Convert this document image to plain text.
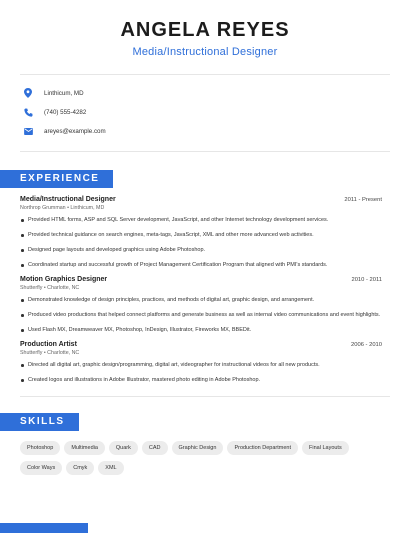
ANGELA REYES
Media/Instructional Designer
Linthicum, MD
(740) 555-4282
areyes@example.com
EXPERIENCE
Media/Instructional Designer	2011 - Present
Northrop Grumman • Linthicum, MD
Provided HTML forms, ASP and SQL Server development, JavaScript, and other Internet technology development services.
Provided technical guidance on search engines, meta-tags, JavaScript, XML and other more advanced web activities.
Designed page layouts and developed graphics using Adobe Photoshop.
Coordinated startup and successful growth of Project Management Certification Program that aligned with PMI's standards.
Motion Graphics Designer	2010 - 2011
Shutterfly • Charlotte, NC
Demonstrated knowledge of design principles, practices, and methods of digital art, graphic design, and arrangement.
Produced video productions that helped connect platforms and generate business as well as internal video communications and event highlights.
Used Flash MX, Dreamweaver MX, Photoshop, InDesign, Illustrator, Fireworks MX, BBEDit.
Production Artist	2006 - 2010
Shutterfly • Charlotte, NC
Directed all digital art, graphic design/programming, digital art, videographer for instructional videos for all new products.
Created logos and illustrations in Adobe Illustrator, mastered photo editing in Adobe Photoshop.
SKILLS
Photoshop	Multimedia	Quark	CAD	Graphic Design	Production Department	Final Layouts
Color Ways	Cmyk	XML
